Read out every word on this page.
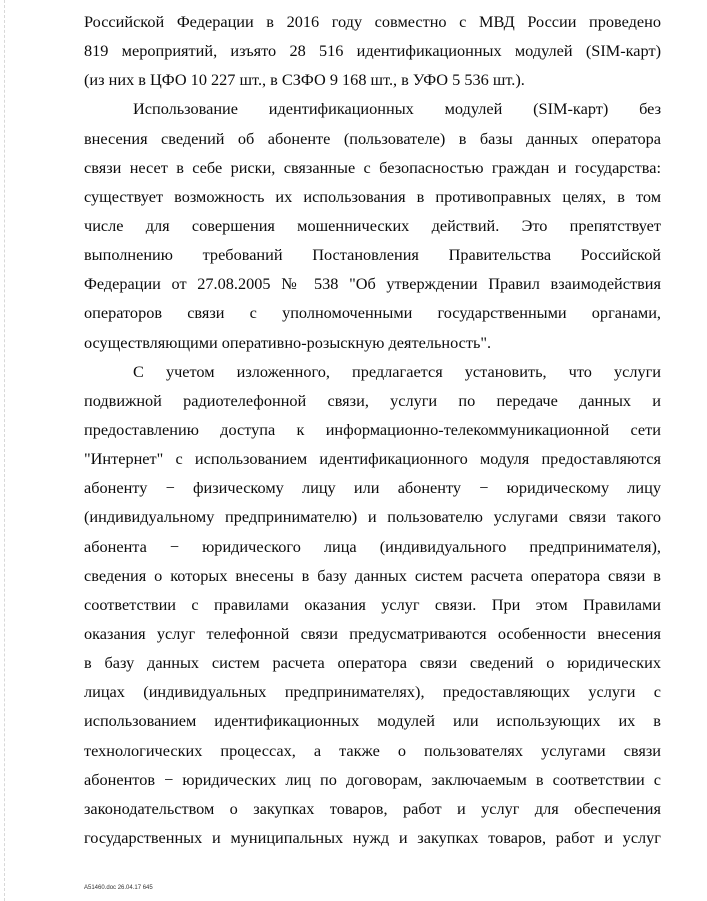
Российской Федерации в 2016 году совместно с МВД России проведено
819 мероприятий, изъято 28 516 идентификационных модулей (SIM-карт)
(из них в ЦФО 10 227 шт., в СЗФО 9 168 шт., в УФО 5 536 шт.).
Использование идентификационных модулей (SIM-карт) без
внесения сведений об абоненте (пользователе) в базы данных оператора
связи несет в себе риски, связанные с безопасностью граждан и государства:
существует возможность их использования в противоправных целях, в том
числе для совершения мошеннических действий. Это препятствует
выполнению требований Постановления Правительства Российской
Федерации от 27.08.2005 № 538 "Об утверждении Правил взаимодействия
операторов связи с уполномоченными государственными органами,
осуществляющими оперативно-розыскную деятельность".
С учетом изложенного, предлагается установить, что услуги
подвижной радиотелефонной связи, услуги по передаче данных и
предоставлению доступа к информационно-телекоммуникационной сети
"Интернет" с использованием идентификационного модуля предоставляются
абоненту − физическому лицу или абоненту − юридическому лицу
(индивидуальному предпринимателю) и пользователю услугами связи такого
абонента − юридического лица (индивидуального предпринимателя),
сведения о которых внесены в базу данных систем расчета оператора связи в
соответствии с правилами оказания услуг связи. При этом Правилами
оказания услуг телефонной связи предусматриваются особенности внесения
в базу данных систем расчета оператора связи сведений о юридических
лицах (индивидуальных предпринимателях), предоставляющих услуги с
использованием идентификационных модулей или использующих их в
технологических процессах, а также о пользователях услугами связи
абонентов − юридических лиц по договорам, заключаемым в соответствии с
законодательством о закупках товаров, работ и услуг для обеспечения
государственных и муниципальных нужд и закупках товаров, работ и услуг
A51460.doc 26.04.17 645
